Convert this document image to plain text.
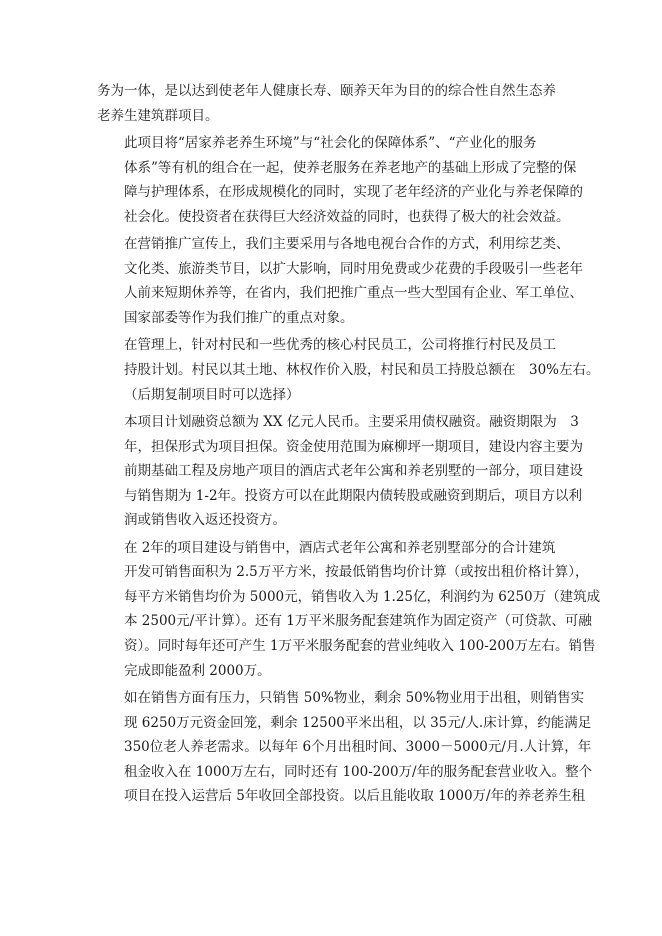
务为一体，是以达到使老年人健康长寿、颐养天年为目的的综合性自然生态养
老养生建筑群项目。

此项目将“居家养老养生环境”与“社会化的保障体系”、“产业化的服务
体系”等有机的组合在一起，使养老服务在养老地产的基础上形成了完整的保
障与护理体系，在形成规模化的同时，实现了老年经济的产业化与养老保障的
社会化。使投资者在获得巨大经济效益的同时，也获得了极大的社会效益。

在营销推广宣传上，我们主要采用与各地电视台合作的方式，利用综艺类、
文化类、旅游类节目，以扩大影响，同时用免费或少花费的手段吸引一些老年
人前来短期休养等，在省内，我们把推广重点一些大型国有企业、军工单位、
国家部委等作为我们推广的重点对象。

在管理上，针对村民和一些优秀的核心村民员工，公司将推行村民及员工
持股计划。村民以其土地、林权作价入股，村民和员工持股总额在　30%左右。
（后期复制项目时可以选择）

本项目计划融资总额为 XX 亿元人民币。主要采用债权融资。融资期限为　3
年，担保形式为项目担保。资金使用范围为麻柳坪一期项目，建设内容主要为
前期基础工程及房地产项目的酒店式老年公寓和养老别墅的一部分，项目建设
与销售期为 1-2年。投资方可以在此期限内债转股或融资到期后，项目方以利
润或销售收入返还投资方。

在 2年的项目建设与销售中，酒店式老年公寓和养老别墅部分的合计建筑
开发可销售面积为 2.5万平方米，按最低销售均价计算（或按出租价格计算），
每平方米销售均价为 5000元，销售收入为 1.25亿，利润约为 6250万（建筑成
本 2500元/平计算）。还有 1万平米服务配套建筑作为固定资产（可贷款、可融
资）。同时每年还可产生 1万平米服务配套的营业纯收入 100-200万左右。销售
完成即能盈利 2000万。

如在销售方面有压力，只销售 50%物业，剩余 50%物业用于出租，则销售实
现 6250万元资金回笼，剩余 12500平米出租，以 35元/人.床计算，约能满足
350位老人养老需求。以每年 6个月出租时间、3000－5000元/月.人计算，年
租金收入在 1000万左右，同时还有 100-200万/年的服务配套营业收入。整个
项目在投入运营后 5年收回全部投资。以后且能收取 1000万/年的养老养生租
